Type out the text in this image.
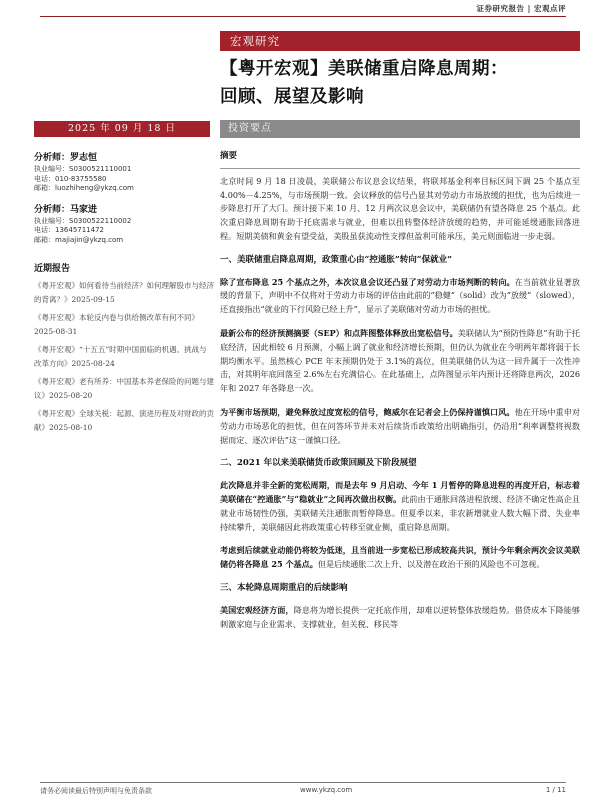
证券研究报告 | 宏观点评
宏观研究
【粤开宏观】美联储重启降息周期：
回顾、展望及影响
2025 年 09 月 18 日	投资要点
分析师：罗志恒
执业编号：S0300521110001
电话：010-83755580
邮箱：luozhiheng@ykzq.com
分析师：马家进
执业编号：S0300522110002
电话：13645711472
邮箱：majiajin@ykzq.com
近期报告
《粤开宏观》如何看待当前经济？如何理解股市与经济的背离？》2025-09-15
《粤开宏观》本轮反内卷与供给侧改革有何不同》2025-08-31
《粤开宏观》“十五五”时期中国面临的机遇、挑战与改革方向》2025-08-24
《粤开宏观》老有所养：中国基本养老保险的问题与建议》2025-08-20
《粤开宏观》全球关税：起源、演进历程及对财政的贡献》2025-08-10
摘要

北京时间 9 月 18 日凌晨，美联储公布议息会议结果，将联邦基金利率目标区间下调 25 个基点至 4.00%－4.25%，与市场预期一致。会议释放的信号凸显其对劳动力市场放缓的担忧，也为后续进一步降息打开了大门。预计接下来 10 月、12 月两次议息会议中，美联储仍有望各降息 25 个基点。此次重启降息周期有助于托底需求与就业，但难以扭转整体经济放缓的趋势，并可能延缓通胀回落进程。短期美债和黄金有望受益，美股虽获流动性支撑但盈利可能承压，美元则面临进一步走弱。

一、美联储重启降息周期，政策重心由“控通胀”转向“保就业”

除了宣布降息 25 个基点之外，本次议息会议还凸显了对劳动力市场判断的转向。在当前就业显著放缓的背景下，声明中不仅将对于劳动力市场的评估由此前的“稳健”（solid）改为“放缓”（slowed），还直接指出“就业的下行风险已经上升”，显示了美联储对劳动力市场的担忧。

最新公布的经济预测摘要（SEP）和点阵图整体释放出宽松信号。美联储认为“预防性降息”有助于托底经济，因此相较 6 月预测，小幅上调了就业和经济增长预期，但仍认为就业在今明两年都将弱于长期均衡水平。虽然核心 PCE 年末预期仍处于 3.1%的高位，但美联储仍认为这一回升属于一次性冲击，对其明年底回落至 2.6%左右充满信心。在此基础上，点阵图显示年内预计还将降息两次，2026 年和 2027 年各降息一次。

为平衡市场预期，避免释放过度宽松的信号，鲍威尔在记者会上仍保持谨慎口风。他在开场中重申对劳动力市场恶化的担忧，但在问答环节并未对后续货币政策给出明确指引，仍沿用“利率调整将视数据而定、逐次评估”这一谨慎口径。

二、2021 年以来美联储货币政策回顾及下阶段展望

此次降息并非全新的宽松周期，而是去年 9 月启动、今年 1 月暂停的降息进程的再度开启，标志着美联储在“控通胀”与“稳就业”之间再次做出权衡。此前由于通胀回落进程放缓、经济不确定性高企且就业市场韧性仍强，美联储关注通胀而暂停降息。但夏季以来，非农新增就业人数大幅下滑、失业率持续攀升，美联储因此将政策重心转移至就业侧，重启降息周期。

考虑到后续就业动能仍将较为低迷，且当前进一步宽松已形成较高共识，预计今年剩余两次会议美联储仍将各降息 25 个基点。但是后续通胀二次上升、以及潜在政治干预的风险也不可忽视。

三、本轮降息周期重启的后续影响

美国宏观经济方面，降息将为增长提供一定托底作用，却难以逆转整体放缓趋势。借贷成本下降能够刺激家庭与企业需求、支撑就业，但关税、移民等

请务必阅读最后特别声明与免责条款	www.ykzq.com	1 / 11
